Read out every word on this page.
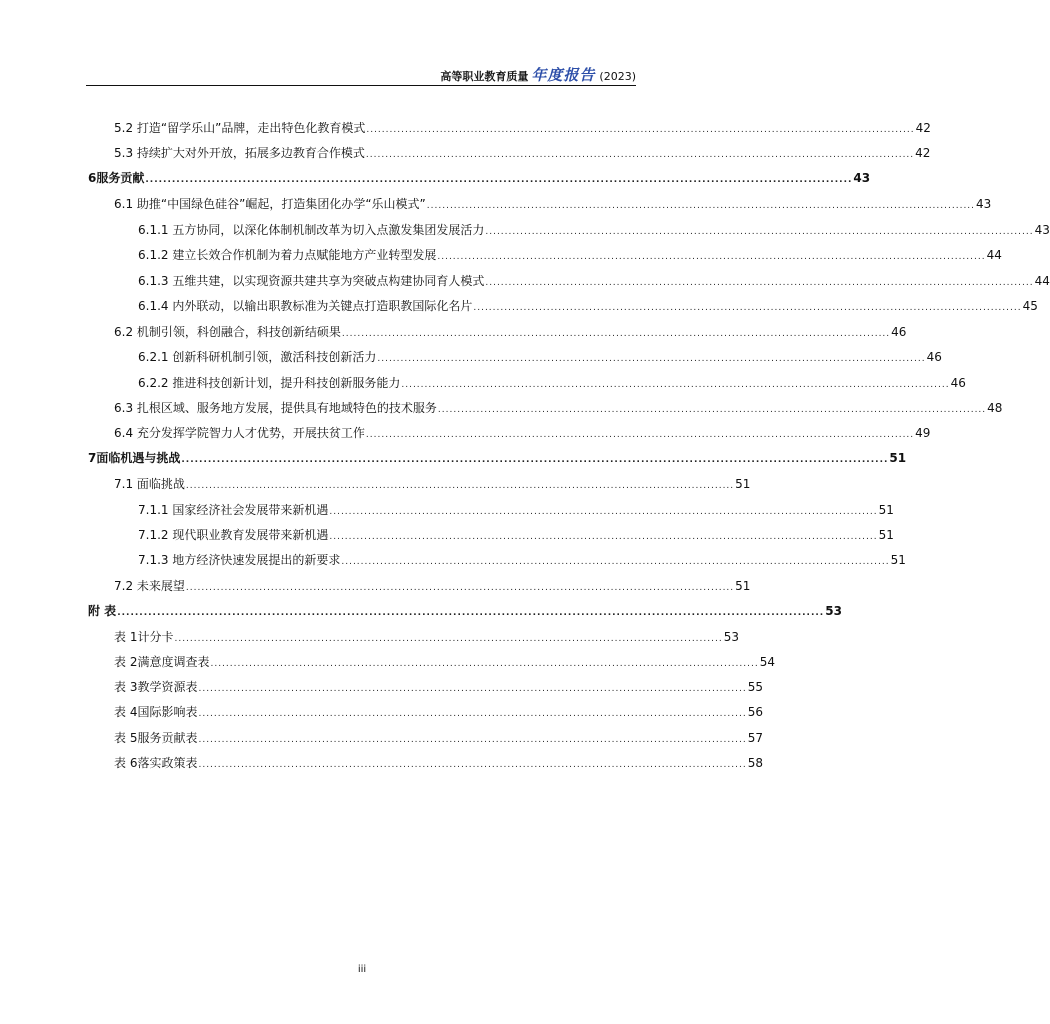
高等职业教育质量 年度报告 (2023)
5.2 打造“留学乐山”品牌，走出特色化教育模式 .............................................................................................................................................. 42
5.3 持续扩大对外开放，拓展多边教育合作模式 .............................................................................................................................................. 42
6 服务贡献 ................................................................................................................................................................ 43
6.1 助推“中国绿色硅谷”崛起，打造集团化办学“乐山模式” .............................................................................................................................................. 43
6.1.1 五方协同，以深化体制机制改革为切入点激发集团发展活力 .............................................................................................................................................. 43
6.1.2 建立长效合作机制为着力点赋能地方产业转型发展 .............................................................................................................................................. 44
6.1.3 五维共建，以实现资源共建共享为突破点构建协同育人模式 .............................................................................................................................................. 44
6.1.4 内外联动，以输出职教标准为关键点打造职教国际化名片 .............................................................................................................................................. 45
6.2 机制引领，科创融合，科技创新结硕果 .............................................................................................................................................. 46
6.2.1 创新科研机制引领，激活科技创新活力 .............................................................................................................................................. 46
6.2.2 推进科技创新计划，提升科技创新服务能力 .............................................................................................................................................. 46
6.3 扎根区域、服务地方发展，提供具有地域特色的技术服务 .............................................................................................................................................. 48
6.4 充分发挥学院智力人才优势，开展扶贫工作 .............................................................................................................................................. 49
7 面临机遇与挑战 ................................................................................................................................................................ 51
7.1 面临挑战 .............................................................................................................................................. 51
7.1.1 国家经济社会发展带来新机遇 .............................................................................................................................................. 51
7.1.2 现代职业教育发展带来新机遇 .............................................................................................................................................. 51
7.1.3 地方经济快速发展提出的新要求 .............................................................................................................................................. 51
7.2 未来展望 .............................................................................................................................................. 51
附 表 ................................................................................................................................................................ 53
表 1 计分卡 .............................................................................................................................................. 53
表 2 满意度调查表 .............................................................................................................................................. 54
表 3 教学资源表 .............................................................................................................................................. 55
表 4 国际影响表 .............................................................................................................................................. 56
表 5 服务贡献表 .............................................................................................................................................. 57
表 6 落实政策表 .............................................................................................................................................. 58
iii
